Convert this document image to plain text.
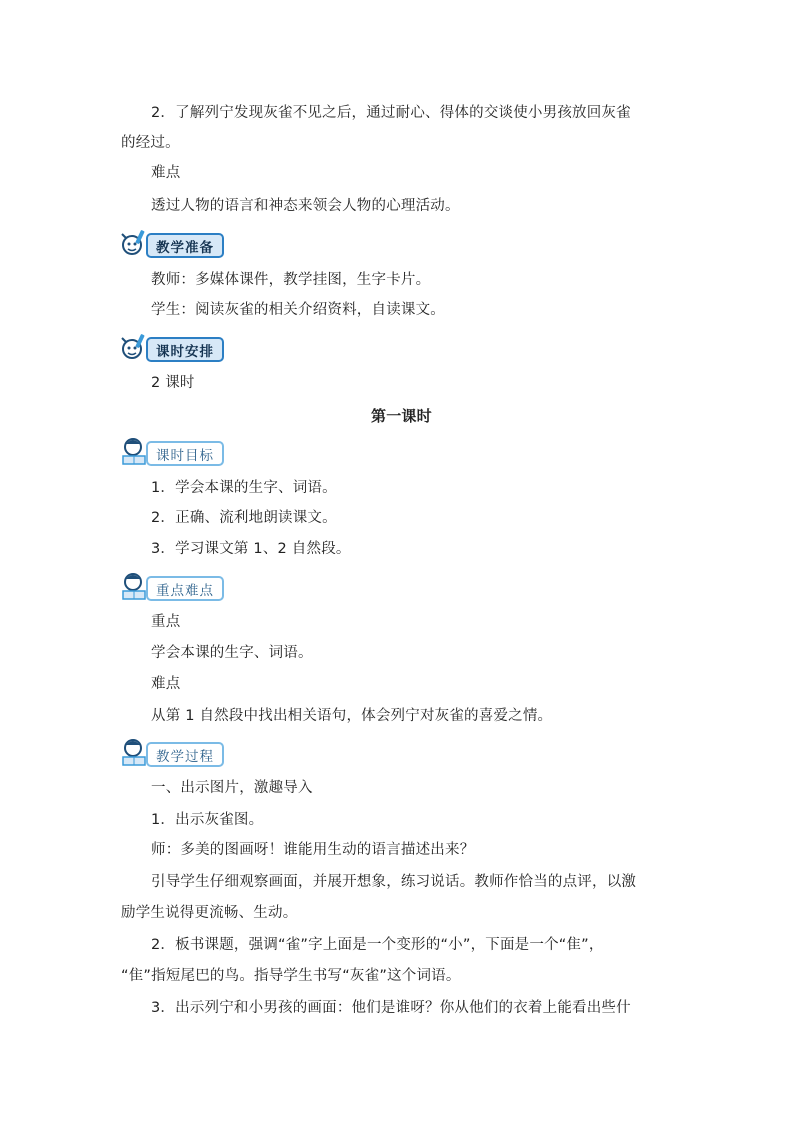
2．了解列宁发现灰雀不见之后，通过耐心、得体的交谈使小男孩放回灰雀
的经过。
难点
透过人物的语言和神态来领会人物的心理活动。
教学准备
教师：多媒体课件，教学挂图，生字卡片。
学生：阅读灰雀的相关介绍资料，自读课文。
课时安排
2 课时
第一课时
课时目标
1．学会本课的生字、词语。
2．正确、流利地朗读课文。
3．学习课文第 1、2 自然段。
重点难点
重点
学会本课的生字、词语。
难点
从第 1 自然段中找出相关语句，体会列宁对灰雀的喜爱之情。
教学过程
一、出示图片，激趣导入
1．出示灰雀图。
师：多美的图画呀！谁能用生动的语言描述出来？
引导学生仔细观察画面，并展开想象，练习说话。教师作恰当的点评，以激
励学生说得更流畅、生动。
2．板书课题，强调“雀”字上面是一个变形的“小”，下面是一个“隹”，
“隹”指短尾巴的鸟。指导学生书写“灰雀”这个词语。
3．出示列宁和小男孩的画面：他们是谁呀？你从他们的衣着上能看出些什
